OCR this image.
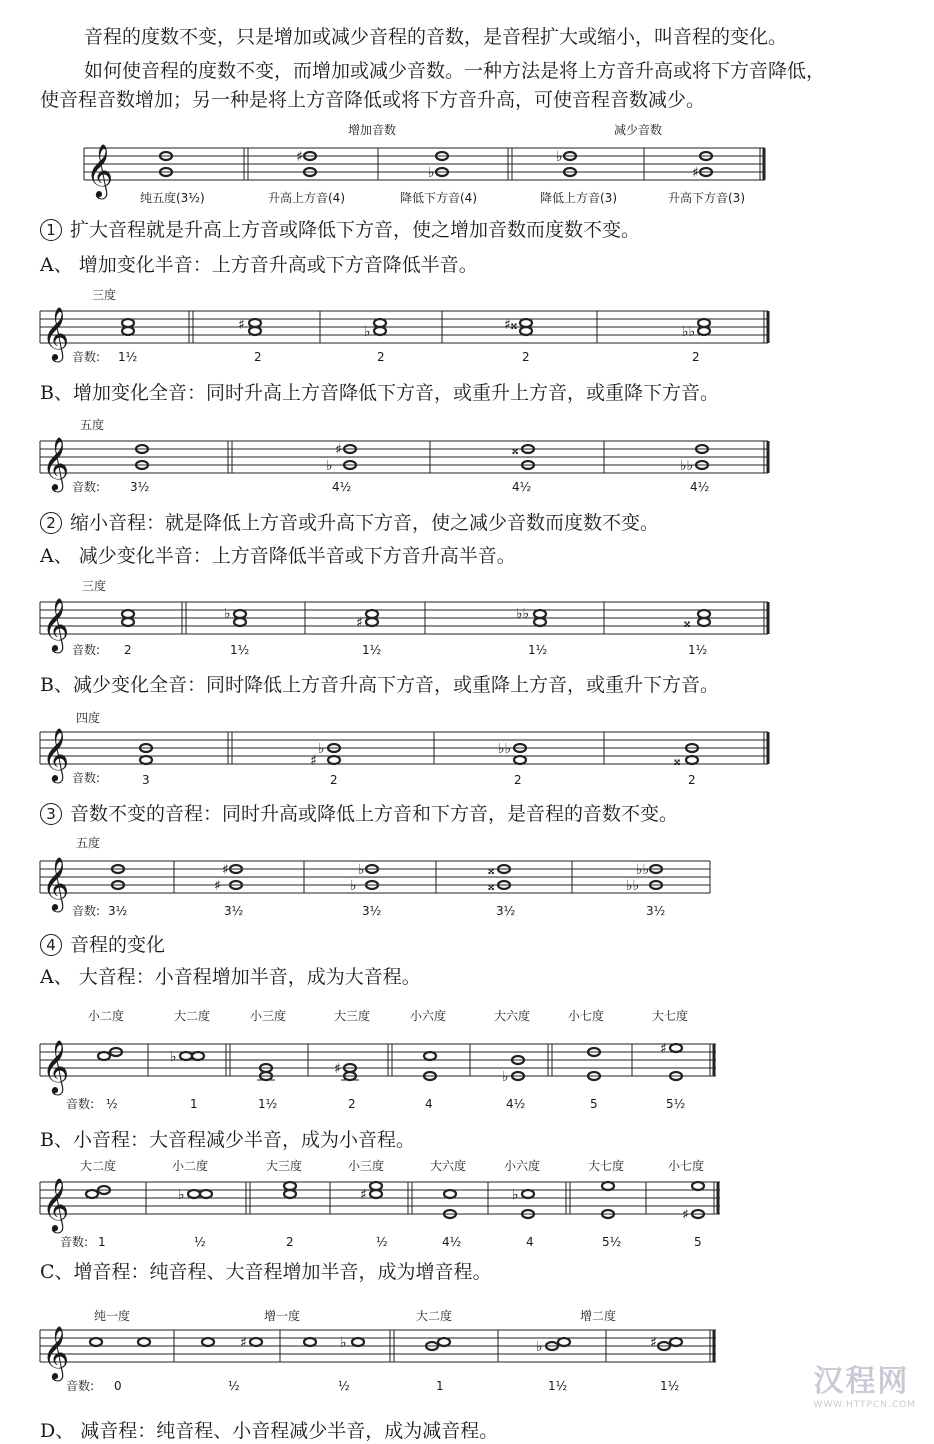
音程的度数不变，只是增加或减少音程的音数，是音程扩大或缩小，叫音程的变化。
如何使音程的度数不变，而增加或减少音数。一种方法是将上方音升高或将下方音降低，
使音程音数增加；另一种是将上方音降低或将下方音升高，可使音程音数减少。
1 扩大音程就是升高上方音或降低下方音，使之增加音数而度数不变。
A、 增加变化半音：上方音升高或下方音降低半音。
B、增加变化全音：同时升高上方音降低下方音，或重升上方音，或重降下方音。
2 缩小音程：就是降低上方音或升高下方音，使之减少音数而度数不变。
A、 减少变化半音：上方音降低半音或下方音升高半音。
B、减少变化全音：同时降低上方音升高下方音，或重降上方音，或重升下方音。
3 音数不变的音程：同时升高或降低上方音和下方音，是音程的音数不变。
4 音程的变化
A、 大音程：小音程增加半音，成为大音程。
B、小音程：大音程减少半音，成为小音程。
C、增音程：纯音程、大音程增加半音，成为增音程。
D、 减音程：纯音程、小音程减少半音，成为减音程。
𝄞	♯
♭
♭
♯
增加音数	减少音数
纯五度(3½)	升高上方音(4)	降低下方音(4)	降低上方音(3)	升高下方音(3)
𝄞	♯	♭	♯𝄪	♭♭
三度
音数: 1½	2	2	2	2
𝄞	♯
♭
𝄪
♭♭
五度
音数: 3½	4½	4½	4½
𝄞	♭
♯
♭♭
𝄪
三度
音数: 2	1½	1½	1½	1½
𝄞	♭
♯
♭♭
𝄪
四度
音数:	3	2	2	2
𝄞	♯
♯
♭
♭
𝄪
𝄪
♭♭
♭♭
五度
音数: 3½	3½	3½	3½	3½
𝄞	♭
♯	♭
♯
小二度	大二度	小三度	大三度	小六度	大六度	小七度	大七度
音数: ½	1	1½	2	4	4½	5	5½
𝄞	♭	♯	♭
♯
大二度	小二度	大三度	小三度	大六度	小六度	大七度	小七度
音数: 1	½	2	½	4½	4	5½	5
𝄞	♯	♭	♭	♯
纯一度	增一度	大二度	增二度
音数: 0	½	½	1	1½	1½	汉程网
WWW.HTTPCN.COM
